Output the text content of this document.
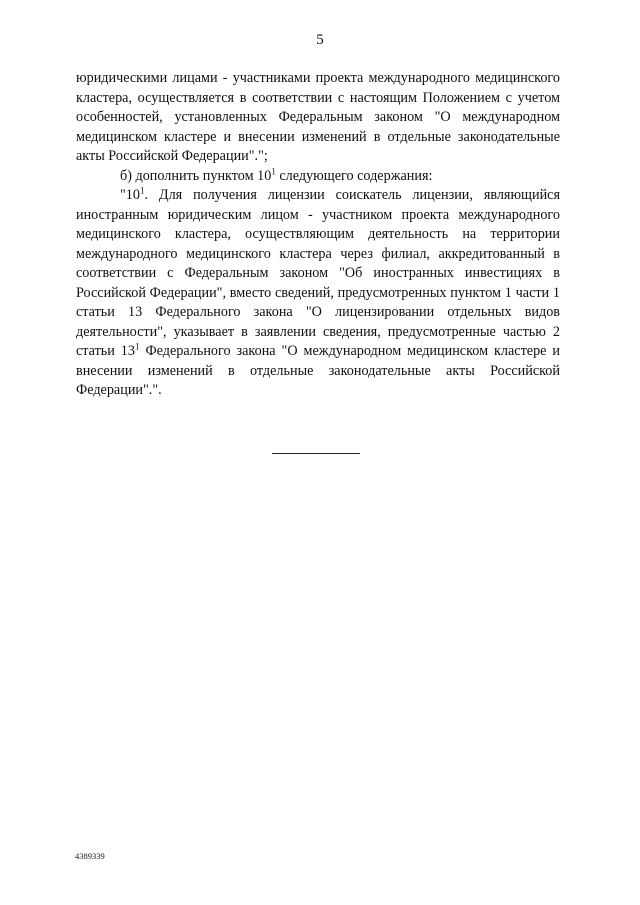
5

юридическими лицами - участниками проекта международного медицинского кластера, осуществляется в соответствии с настоящим Положением с учетом особенностей, установленных Федеральным законом "О международном медицинском кластере и внесении изменений в отдельные законодательные акты Российской Федерации".";

б) дополнить пунктом $10^1$ следующего содержания:

"$10^1$. Для получения лицензии соискатель лицензии, являющийся иностранным юридическим лицом - участником проекта международного медицинского кластера, осуществляющим деятельность на территории международного медицинского кластера через филиал, аккредитованный в соответствии с Федеральным законом "Об иностранных инвестициях в Российской Федерации", вместо сведений, предусмотренных пунктом 1 части 1 статьи 13 Федерального закона "О лицензировании отдельных видов деятельности", указывает в заявлении сведения, предусмотренные частью 2 статьи $13^1$ Федерального закона "О международном медицинском кластере и внесении изменений в отдельные законодательные акты Российской Федерации".".

4389339
